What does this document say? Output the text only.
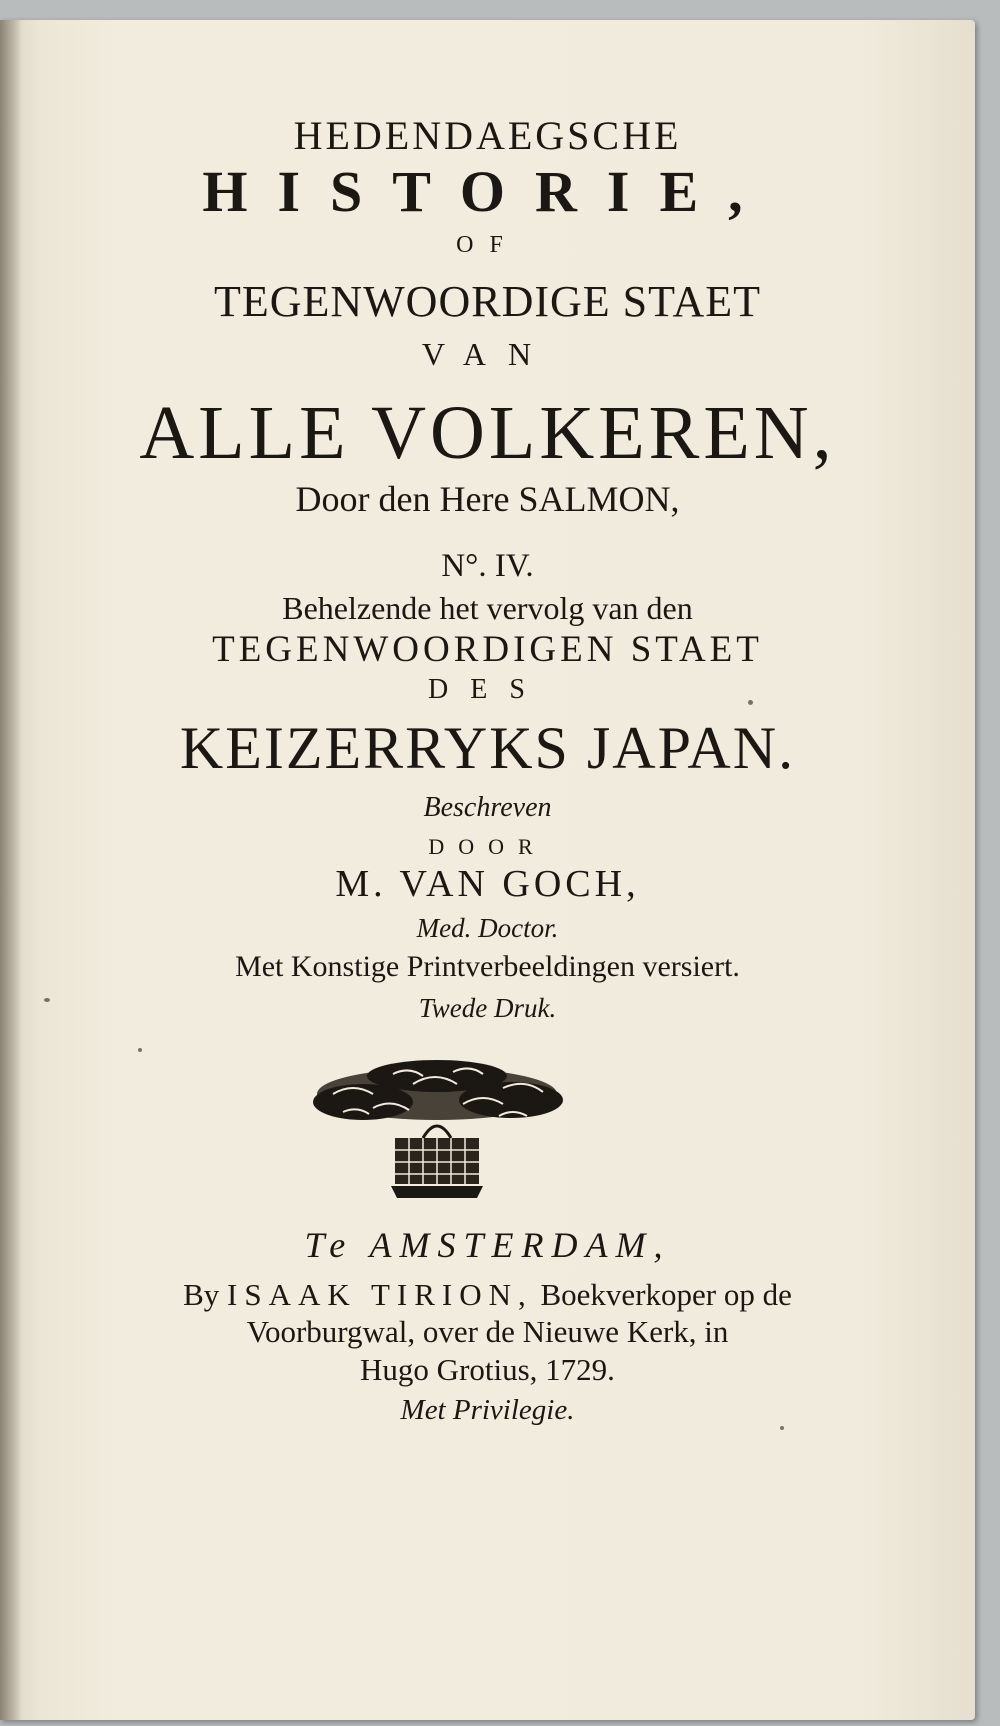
HEDENDAEGSCHE

HISTORIE,

OF

TEGENWOORDIGE STAET

VAN

ALLE VOLKEREN,

Door den Here SALMON,

N°. IV.

Behelzende het vervolg van den

TEGENWOORDIGEN STAET

DES

KEIZERRYKS JAPAN.

Beschreven

DOOR

M. VAN GOCH,

Med. Doctor.

Met Konstige Printverbeeldingen versiert.

Twede Druk.

Te AMSTERDAM,

By ISAAK TIRION, Boekverkoper op de

Voorburgwal, over de Nieuwe Kerk, in

Hugo Grotius, 1729.

Met Privilegie.
